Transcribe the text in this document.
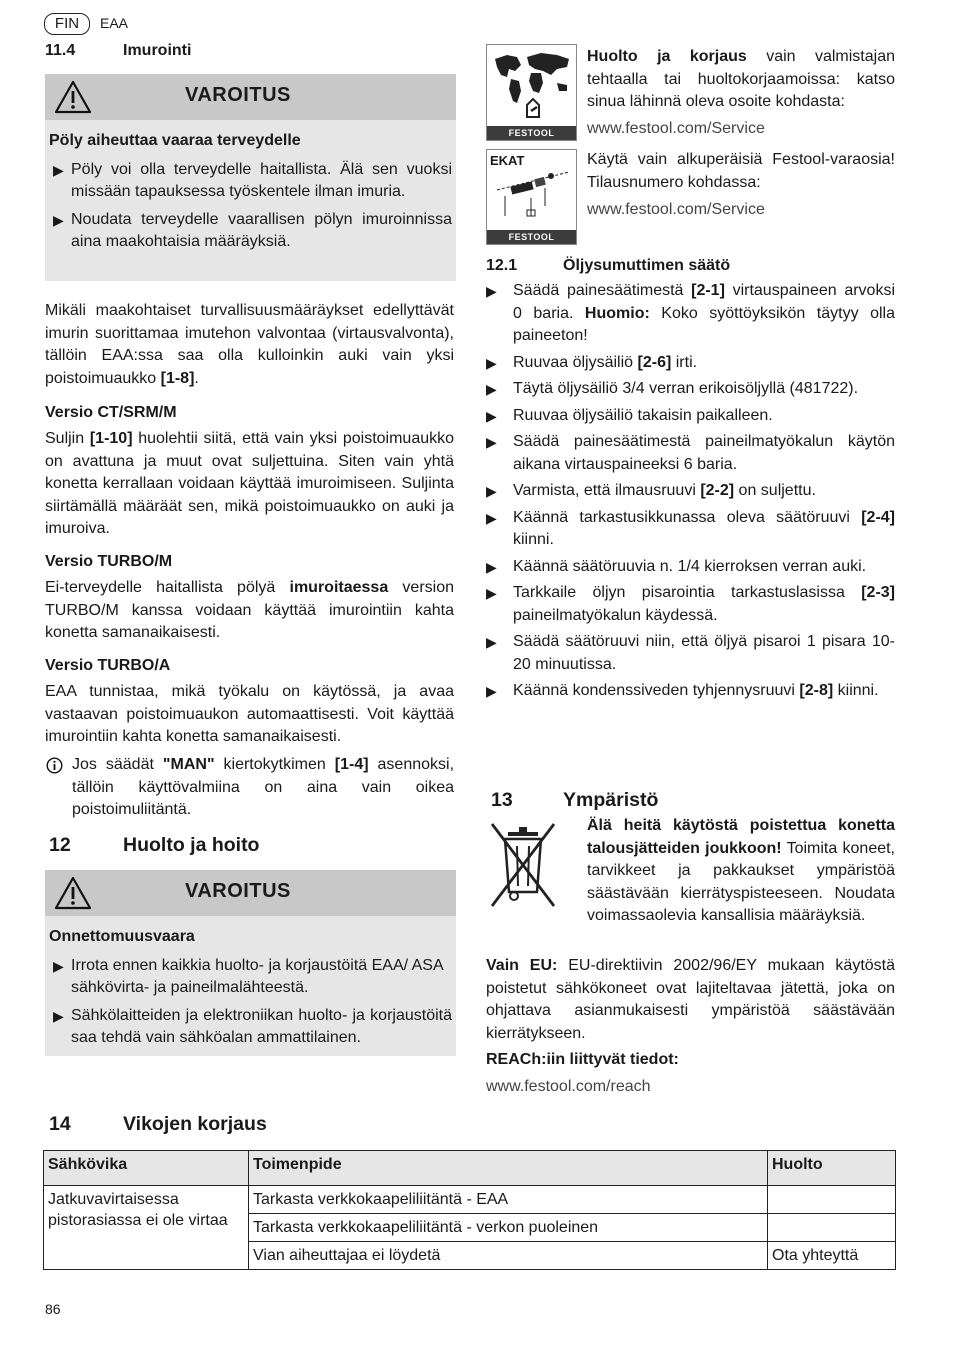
FIN	EAA
11.4	Imurointi
VAROITUS
Pöly aiheuttaa vaaraa terveydelle
▶ Pöly voi olla terveydelle haitallista. Älä sen vuoksi missään tapauksessa työskentele ilman imuria.
▶ Noudata terveydelle vaarallisen pölyn imuroinnissa aina maakohtaisia määräyksiä.
Mikäli maakohtaiset turvallisuusmääräykset edellyttävät imurin suorittamaa imutehon valvontaa (virtausvalvonta), tällöin EAA:ssa saa olla kulloinkin auki vain yksi poistoimuaukko [1-8].
Versio CT/SRM/M
Suljin [1-10] huolehtii siitä, että vain yksi poistoimuaukko on avattuna ja muut ovat suljettuina. Siten vain yhtä konetta kerrallaan voidaan käyttää imuroimiseen. Suljinta siirtämällä määräät sen, mikä poistoimuaukko on auki ja imuroiva.
Versio TURBO/M
Ei-terveydelle haitallista pölyä imuroitaessa version TURBO/M kanssa voidaan käyttää imurointiin kahta konetta samanaikaisesti.
Versio TURBO/A
EAA tunnistaa, mikä työkalu on käytössä, ja avaa vastaavan poistoimuaukon automaattisesti. Voit käyttää imurointiin kahta konetta samanaikaisesti.
Jos säädät "MAN" kiertokytkimen [1-4] asennoksi, tällöin käyttövalmiina on aina vain oikea poistoimuliitäntä.
12	Huolto ja hoito
VAROITUS
Onnettomuusvaara
▶ Irrota ennen kaikkia huolto- ja korjaustöitä EAA/ ASA sähkövirta- ja paineilmalähteestä.
▶ Sähkölaitteiden ja elektroniikan huolto- ja korjaustöitä saa tehdä vain sähköalan ammattilainen.
FESTOOL
Huolto ja korjaus vain valmistajan tehtaalla tai huoltokorjaamoissa: katso sinua lähinnä oleva osoite kohdasta:
www.festool.com/Service
EKAT
FESTOOL
Käytä vain alkuperäisiä Festool-varaosia! Tilausnumero kohdassa:
www.festool.com/Service
12.1	Öljysumuttimen säätö
▶ Säädä painesäätimestä [2-1] virtauspaineen arvoksi 0 baria. Huomio: Koko syöttöyksikön täytyy olla paineeton!
▶ Ruuvaa öljysäiliö [2-6] irti.
▶ Täytä öljysäiliö 3/4 verran erikoisöljyllä (481722).
▶ Ruuvaa öljysäiliö takaisin paikalleen.
▶ Säädä painesäätimestä paineilmatyökalun käytön aikana virtauspaineeksi 6 baria.
▶ Varmista, että ilmausruuvi [2-2] on suljettu.
▶ Käännä tarkastusikkunassa oleva säätöruuvi [2-4] kiinni.
▶ Käännä säätöruuvia n. 1/4 kierroksen verran auki.
▶ Tarkkaile öljyn pisarointia tarkastuslasissa [2-3] paineilmatyökalun käydessä.
▶ Säädä säätöruuvi niin, että öljyä pisaroi 1 pisara 10-20 minuutissa.
▶ Käännä kondenssiveden tyhjennysruuvi [2-8] kiinni.
13	Ympäristö
Älä heitä käytöstä poistettua konetta talousjätteiden joukkoon! Toimita koneet, tarvikkeet ja pakkaukset ympäristöä säästävään kierrätyspisteeseen. Noudata voimassaolevia kansallisia määräyksiä.
Vain EU: EU-direktiivin 2002/96/EY mukaan käytöstä poistetut sähkökoneet ovat lajiteltavaa jätettä, joka on ohjattava asianmukaisesti ympäristöä säästävään kierrätykseen.
REACh:iin liittyvät tiedot:
www.festool.com/reach
14	Vikojen korjaus
Sähkövika	Toimenpide	Huolto
Jatkuvavirtaisessa pistorasiassa ei ole virtaa	Tarkasta verkkokaapeliliitäntä - EAA	
	Tarkasta verkkokaapeliliitäntä - verkon puoleinen	
	Vian aiheuttajaa ei löydetä	Ota yhteyttä
86
